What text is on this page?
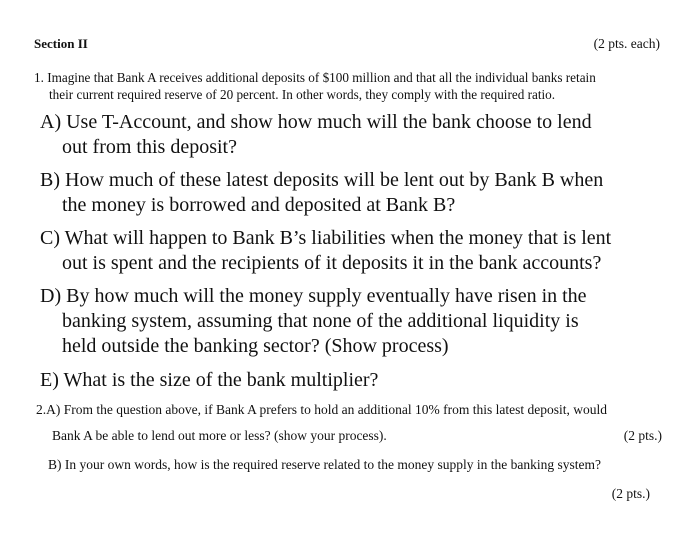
Section II	(2 pts. each)
1. Imagine that Bank A receives additional deposits of $100 million and that all the individual banks retain
their current required reserve of 20 percent. In other words, they comply with the required ratio.
A) Use T-Account, and show how much will the bank choose to lend
out from this deposit?
B) How much of these latest deposits will be lent out by Bank B when
the money is borrowed and deposited at Bank B?
C) What will happen to Bank B’s liabilities when the money that is lent
out is spent and the recipients of it deposits it in the bank accounts?
D) By how much will the money supply eventually have risen in the
banking system, assuming that none of the additional liquidity is
held outside the banking sector? (Show process)
E) What is the size of the bank multiplier?
2.A) From the question above, if Bank A prefers to hold an additional 10% from this latest deposit, would
Bank A be able to lend out more or less? (show your process).	(2 pts.)
B) In your own words, how is the required reserve related to the money supply in the banking system?
(2 pts.)
